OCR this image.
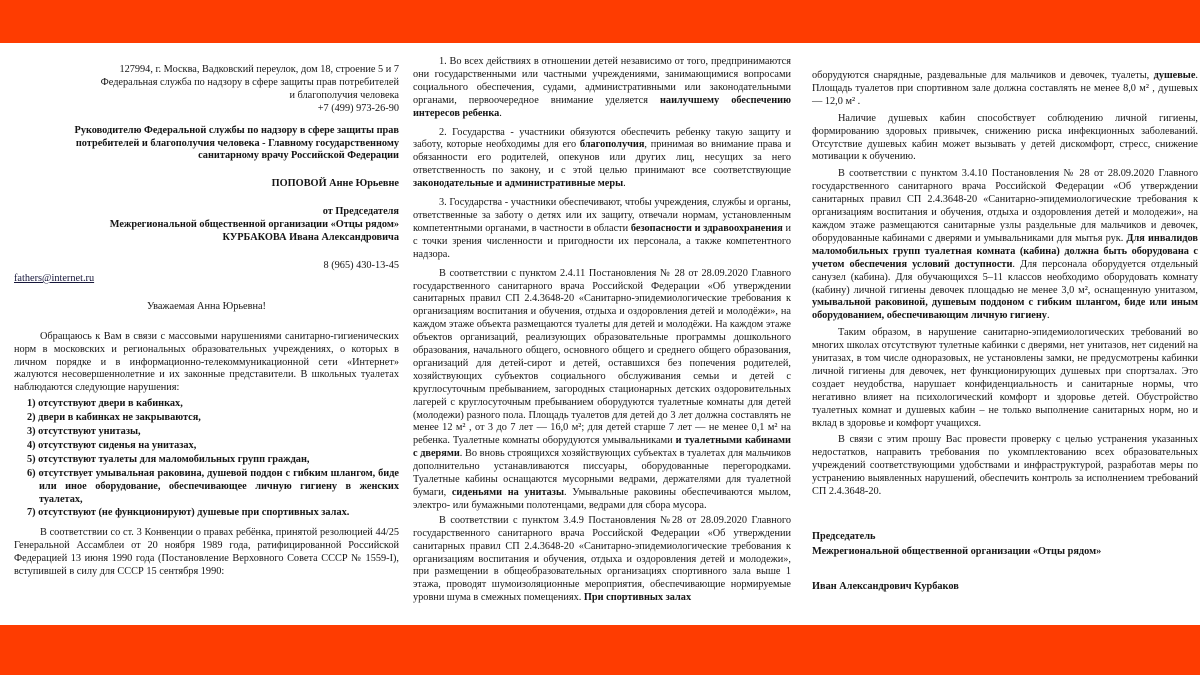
127994, г. Москва, Вадковский переулок, дом 18, строение 5 и 7
Федеральная служба по надзору в сфере защиты прав потребителей
и благополучия человека
+7 (499) 973-26-90

Руководителю Федеральной службы по надзору в сфере защиты прав потребителей и благополучия человека - Главному государственному санитарному врачу Российской Федерации

ПОПОВОЙ Анне Юрьевне

от Председателя
Межрегиональной общественной организации «Отцы рядом»
КУРБАКОВА Ивана Александровича

8 (965) 430-13-45

fathers@internet.ru

Уважаемая Анна Юрьевна!

Обращаюсь к Вам в связи с массовыми нарушениями санитарно-гигиенических норм в московских и региональных образовательных учреждениях, о которых в личном порядке и в информационно-телекоммуникационной сети «Интернет» жалуются несовершеннолетние и их законные представители. В школьных туалетах наблюдаются следующие нарушения:

1) отсутствуют двери в кабинках,
2) двери в кабинках не закрываются,
3) отсутствуют унитазы,
4) отсутствуют сиденья на унитазах,
5) отсутствуют туалеты для маломобильных групп граждан,
6) отсутствует умывальная раковина, душевой поддон с гибким шлангом, биде или иное оборудование, обеспечивающее личную гигиену в женских туалетах,
7) отсутствуют (не функционируют) душевые при спортивных залах.

В соответствии со ст. 3 Конвенции о правах ребёнка, принятой резолюцией 44/25 Генеральной Ассамблеи от 20 ноября 1989 года, ратифицированной Российской Федерацией 13 июня 1990 года (Постановление Верховного Совета СССР № 1559-I), вступившей в силу для СССР 15 сентября 1990:

1. Во всех действиях в отношении детей независимо от того, предпринимаются они государственными или частными учреждениями, занимающимися вопросами социального обеспечения, судами, административными или законодательными органами, первоочередное внимание уделяется наилучшему обеспечению интересов ребенка.

2. Государства - участники обязуются обеспечить ребенку такую защиту и заботу, которые необходимы для его благополучия, принимая во внимание права и обязанности его родителей, опекунов или других лиц, несущих за него ответственность по закону, и с этой целью принимают все соответствующие законодательные и административные меры.

3. Государства - участники обеспечивают, чтобы учреждения, службы и органы, ответственные за заботу о детях или их защиту, отвечали нормам, установленным компетентными органами, в частности в области безопасности и здравоохранения и с точки зрения численности и пригодности их персонала, а также компетентного надзора.

В соответствии с пунктом 2.4.11 Постановления № 28 от 28.09.2020 Главного государственного санитарного врача Российской Федерации «Об утверждении санитарных правил СП 2.4.3648-20 «Санитарно-эпидемиологические требования к организациям воспитания и обучения, отдыха и оздоровления детей и молодёжи», на каждом этаже объекта размещаются туалеты для детей и молодёжи. На каждом этаже объектов организаций, реализующих образовательные программы дошкольного образования, начального общего, основного общего и среднего общего образования, организаций для детей-сирот и детей, оставшихся без попечения родителей, хозяйствующих субъектов социального обслуживания семьи и детей с круглосуточным пребыванием, загородных стационарных детских оздоровительных лагерей с круглосуточным пребыванием оборудуются туалетные комнаты для детей (молодежи) разного пола. Площадь туалетов для детей до 3 лет должна составлять не менее 12 м² , от 3 до 7 лет — 16,0 м²; для детей старше 7 лет — не менее 0,1 м² на ребенка. Туалетные комнаты оборудуются умывальниками и туалетными кабинами с дверями. Во вновь строящихся хозяйствующих субъектах в туалетах для мальчиков дополнительно устанавливаются писсуары, оборудованные перегородками. Туалетные кабины оснащаются мусорными ведрами, держателями для туалетной бумаги, сиденьями на унитазы. Умывальные раковины обеспечиваются мылом, электро- или бумажными полотенцами, ведрами для сбора мусора.

В соответствии с пунктом 3.4.9 Постановления №28 от 28.09.2020 Главного государственного санитарного врача Российской Федерации «Об утверждении санитарных правил СП 2.4.3648-20 «Санитарно-эпидемиологические требования к организациям воспитания и обучения, отдыха и оздоровления детей и молодежи», при размещении в общеобразовательных организациях спортивного зала выше 1 этажа, проводят шумоизоляционные мероприятия, обеспечивающие нормируемые уровни шума в смежных помещениях. При спортивных залах

оборудуются снарядные, раздевальные для мальчиков и девочек, туалеты, душевые. Площадь туалетов при спортивном зале должна составлять не менее 8,0 м² , душевых — 12,0 м² .

Наличие душевых кабин способствует соблюдению личной гигиены, формированию здоровых привычек, снижению риска инфекционных заболеваний. Отсутствие душевых кабин может вызывать у детей дискомфорт, стресс, снижение мотивации к обучению.

В соответствии с пунктом 3.4.10 Постановления № 28 от 28.09.2020 Главного государственного санитарного врача Российской Федерации «Об утверждении санитарных правил СП 2.4.3648-20 «Санитарно-эпидемиологические требования к организациям воспитания и обучения, отдыха и оздоровления детей и молодежи», на каждом этаже размещаются санитарные узлы раздельные для мальчиков и девочек, оборудованные кабинами с дверями и умывальниками для мытья рук. Для инвалидов маломобильных групп туалетная комната (кабина) должна быть оборудована с учетом обеспечения условий доступности. Для персонала оборудуется отдельный санузел (кабина). Для обучающихся 5–11 классов необходимо оборудовать комнату (кабину) личной гигиены девочек площадью не менее 3,0 м², оснащенную унитазом, умывальной раковиной, душевым поддоном с гибким шлангом, биде или иным оборудованием, обеспечивающим личную гигиену.

Таким образом, в нарушение санитарно-эпидемиологических требований во многих школах отсутствуют тулетные кабинки с дверями, нет унитазов, нет сидений на унитазах, в том числе одноразовых, не установлены замки, не предусмотрены кабинки личной гигиены для девочек, нет функционирующих душевых при спортзалах. Это создает неудобства, нарушает конфиденциальность и санитарные нормы, что негативно влияет на психологический комфорт и здоровье детей. Обустройство туалетных комнат и душевых кабин – не только выполнение санитарных норм, но и вклад в здоровье и комфорт учащихся.

В связи с этим прошу Вас провести проверку с целью устранения указанных недостатков, направить требования по укомплектованию всех образовательных учреждений соответствующими удобствами и инфраструктурой, разработав меры по устранению выявленных нарушений, обеспечить контроль за исполнением требований СП 2.4.3648-20.

Председатель

Межрегиональной общественной организации «Отцы рядом»

Иван Александрович Курбаков
